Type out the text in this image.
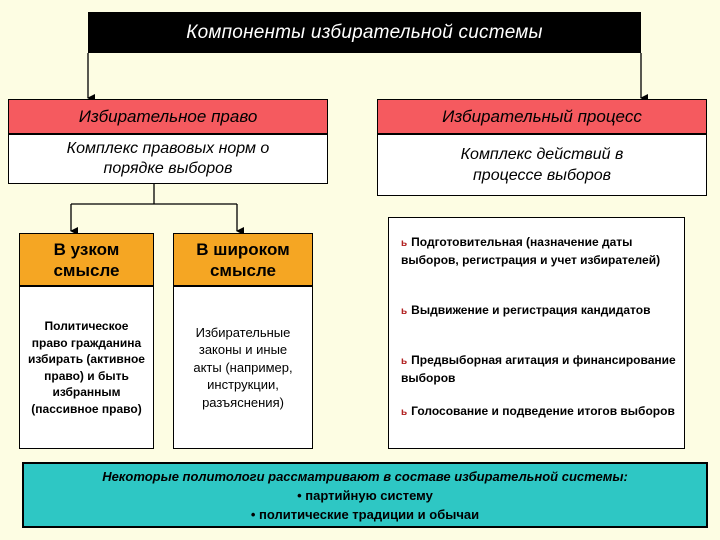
Компоненты избирательной системы
Избирательное право
Комплекс правовых норм о порядке выборов
В узком смысле
Политическое право гражданина избирать (активное право) и быть избранным (пассивное право)
В широком смысле
Избирательные законы и иные акты (например, инструкции, разъяснения)
Избирательный процесс
Комплекс действий в процессе выборов
ь Подготовительная (назначение даты выборов, регистрация и учет избирателей)
ь Выдвижение и регистрация кандидатов
ь Предвыборная агитация и финансирование выборов
ь Голосование и подведение итогов выборов
Некоторые политологи рассматривают в составе избирательной системы:
• партийную систему
• политические традиции и обычаи
